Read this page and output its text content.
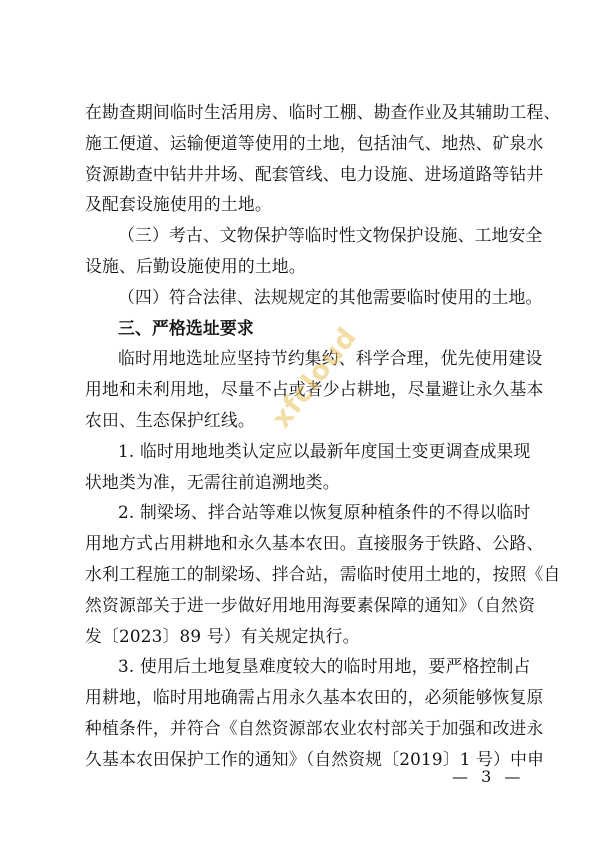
在勘查期间临时生活用房、临时工棚、勘查作业及其辅助工程、
施工便道、运输便道等使用的土地，包括油气、地热、矿泉水
资源勘查中钻井井场、配套管线、电力设施、进场道路等钻井
及配套设施使用的土地。
（三）考古、文物保护等临时性文物保护设施、工地安全
设施、后勤设施使用的土地。
（四）符合法律、法规规定的其他需要临时使用的土地。
三、严格选址要求
临时用地选址应坚持节约集约、科学合理，优先使用建设
用地和未利用地，尽量不占或者少占耕地，尽量避让永久基本
农田、生态保护红线。
1. 临时用地地类认定应以最新年度国土变更调查成果现
状地类为准，无需往前追溯地类。
2. 制梁场、拌合站等难以恢复原种植条件的不得以临时
用地方式占用耕地和永久基本农田。直接服务于铁路、公路、
水利工程施工的制梁场、拌合站，需临时使用土地的，按照《自
然资源部关于进一步做好用地用海要素保障的通知》（自然资
发〔2023〕89 号）有关规定执行。
3. 使用后土地复垦难度较大的临时用地，要严格控制占
用耕地，临时用地确需占用永久基本农田的，必须能够恢复原
种植条件，并符合《自然资源部农业农村部关于加强和改进永
久基本农田保护工作的通知》（自然资规〔2019〕1 号）中申
xfcloud
— 3 —
